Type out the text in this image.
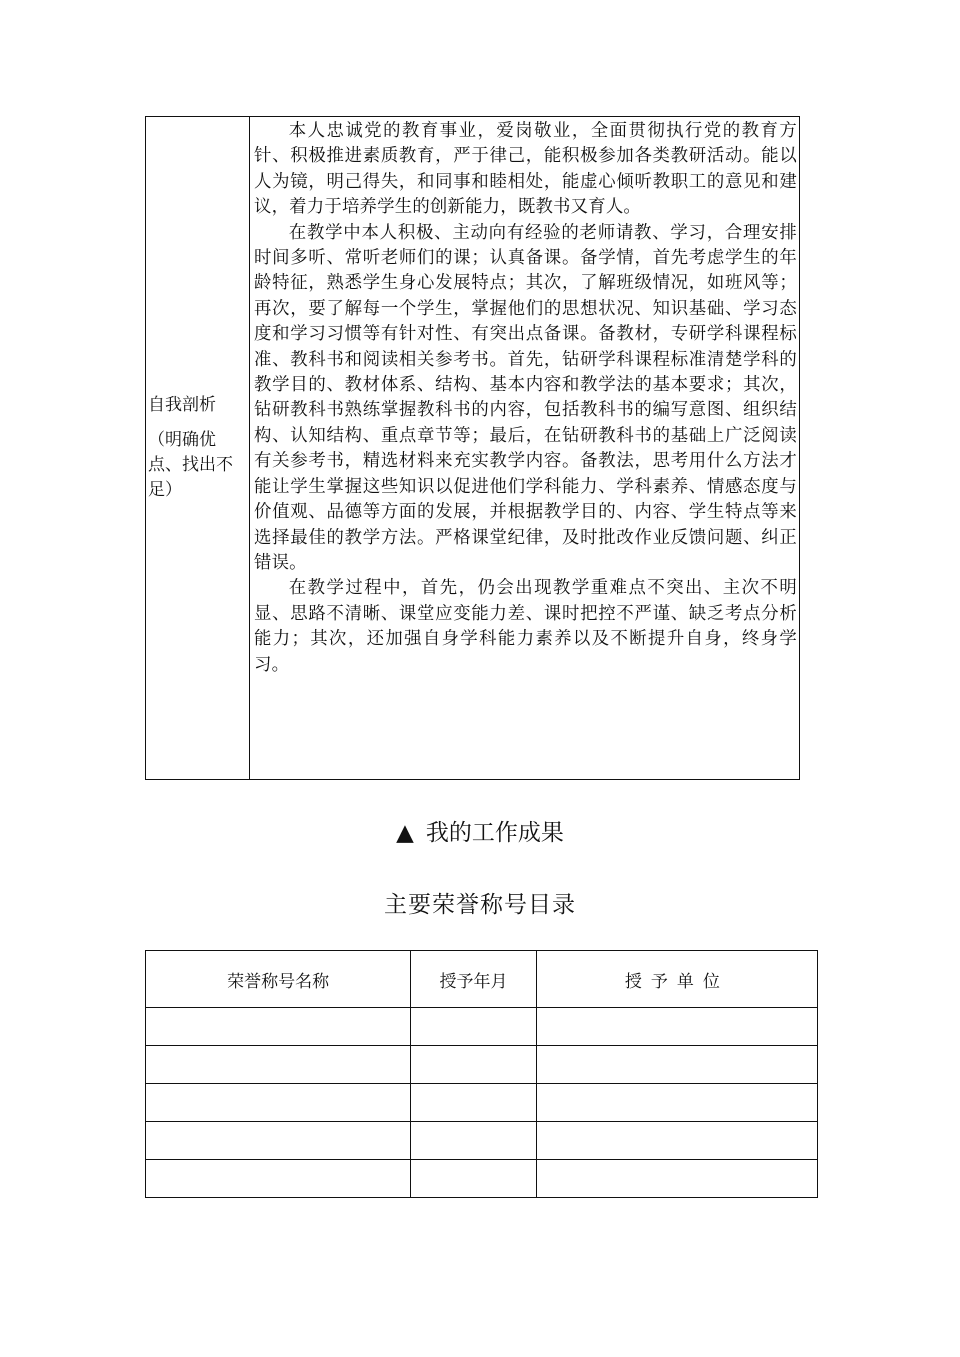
自我剖析
（明确优点、找出不足）

本人忠诚党的教育事业，爱岗敬业，全面贯彻执行党的教育方针、积极推进素质教育，严于律己，能积极参加各类教研活动。能以人为镜，明己得失，和同事和睦相处，能虚心倾听教职工的意见和建议，着力于培养学生的创新能力，既教书又育人。

在教学中本人积极、主动向有经验的老师请教、学习，合理安排时间多听、常听老师们的课；认真备课。备学情，首先考虑学生的年龄特征，熟悉学生身心发展特点；其次，了解班级情况，如班风等；再次，要了解每一个学生，掌握他们的思想状况、知识基础、学习态度和学习习惯等有针对性、有突出点备课。备教材，专研学科课程标准、教科书和阅读相关参考书。首先，钻研学科课程标准清楚学科的教学目的、教材体系、结构、基本内容和教学法的基本要求；其次，钻研教科书熟练掌握教科书的内容，包括教科书的编写意图、组织结构、认知结构、重点章节等；最后，在钻研教科书的基础上广泛阅读有关参考书，精选材料来充实教学内容。备教法，思考用什么方法才能让学生掌握这些知识以促进他们学科能力、学科素养、情感态度与价值观、品德等方面的发展，并根据教学目的、内容、学生特点等来选择最佳的教学方法。严格课堂纪律，及时批改作业反馈问题、纠正错误。

在教学过程中，首先，仍会出现教学重难点不突出、主次不明显、思路不清晰、课堂应变能力差、课时把控不严谨、缺乏考点分析能力；其次，还加强自身学科能力素养以及不断提升自身，终身学习。

▲ 我的工作成果
主要荣誉称号目录
荣誉称号名称	授予年月	授予单位
